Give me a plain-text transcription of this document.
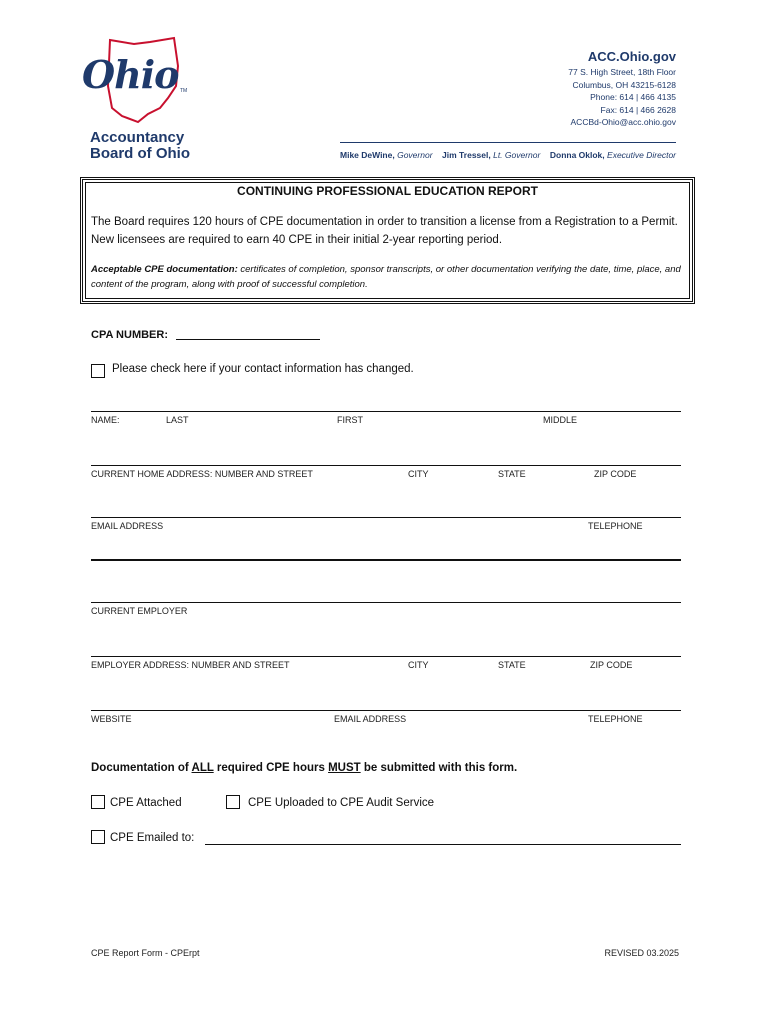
Ohio TM
Accountancy
Board of Ohio
ACC.Ohio.gov
77 S. High Street, 18th Floor
Columbus, OH 43215-6128
Phone: 614 | 466 4135
Fax: 614 | 466 2628
ACCBd-Ohio@acc.ohio.gov
Mike DeWine, Governor Jim Tressel, Lt. Governor Donna Oklok, Executive Director
CONTINUING PROFESSIONAL EDUCATION REPORT
The Board requires 120 hours of CPE documentation in order to transition a license from a Registration to a Permit. New licensees are required to earn 40 CPE in their initial 2-year reporting period.
Acceptable CPE documentation: certificates of completion, sponsor transcripts, or other documentation verifying the date, time, place, and content of the program, along with proof of successful completion.
CPA NUMBER:
Please check here if your contact information has changed.
NAME:	LAST	FIRST	MIDDLE
CURRENT HOME ADDRESS: NUMBER AND STREET	CITY	STATE	ZIP CODE
EMAIL ADDRESS	TELEPHONE
CURRENT EMPLOYER
EMPLOYER ADDRESS: NUMBER AND STREET	CITY	STATE	ZIP CODE
WEBSITE	EMAIL ADDRESS	TELEPHONE
Documentation of ALL required CPE hours MUST be submitted with this form.
CPE Attached	CPE Uploaded to CPE Audit Service
CPE Emailed to:
CPE Report Form - CPErpt	REVISED 03.2025
